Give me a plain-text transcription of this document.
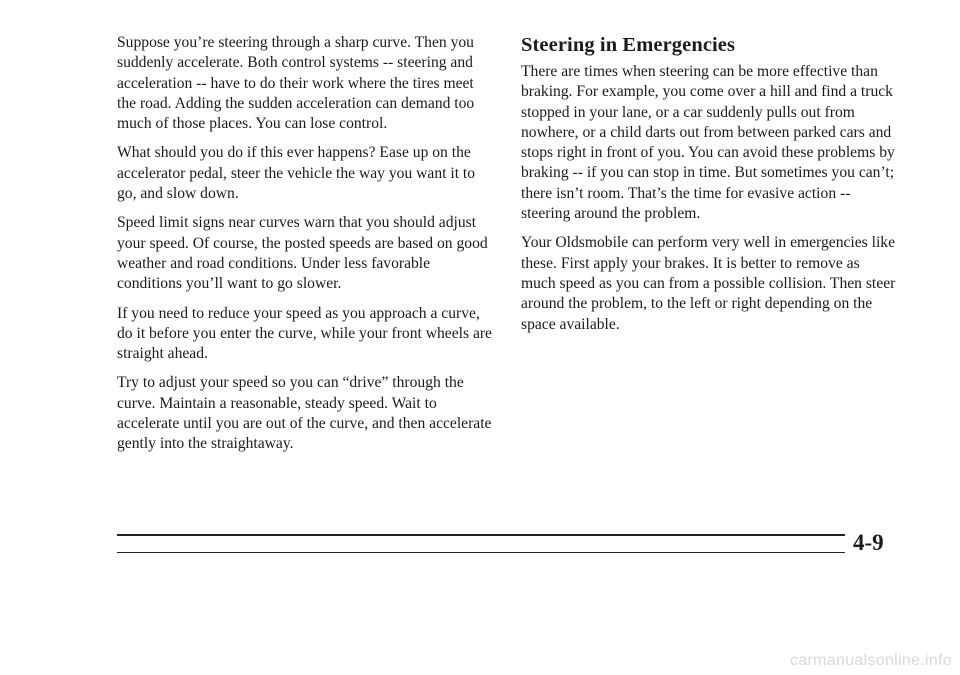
Suppose you’re steering through a sharp curve. Then you suddenly accelerate. Both control systems -- steering and acceleration -- have to do their work where the tires meet the road. Adding the sudden acceleration can demand too much of those places. You can lose control.

What should you do if this ever happens? Ease up on the accelerator pedal, steer the vehicle the way you want it to go, and slow down.

Speed limit signs near curves warn that you should adjust your speed. Of course, the posted speeds are based on good weather and road conditions. Under less favorable conditions you’ll want to go slower.

If you need to reduce your speed as you approach a curve, do it before you enter the curve, while your front wheels are straight ahead.

Try to adjust your speed so you can “drive” through the curve. Maintain a reasonable, steady speed. Wait to accelerate until you are out of the curve, and then accelerate gently into the straightaway.

Steering in Emergencies

There are times when steering can be more effective than braking. For example, you come over a hill and find a truck stopped in your lane, or a car suddenly pulls out from nowhere, or a child darts out from between parked cars and stops right in front of you. You can avoid these problems by braking -- if you can stop in time. But sometimes you can’t; there isn’t room. That’s the time for evasive action -- steering around the problem.

Your Oldsmobile can perform very well in emergencies like these. First apply your brakes. It is better to remove as much speed as you can from a possible collision. Then steer around the problem, to the left or right depending on the space available.

4-9
carmanualsonline.info
